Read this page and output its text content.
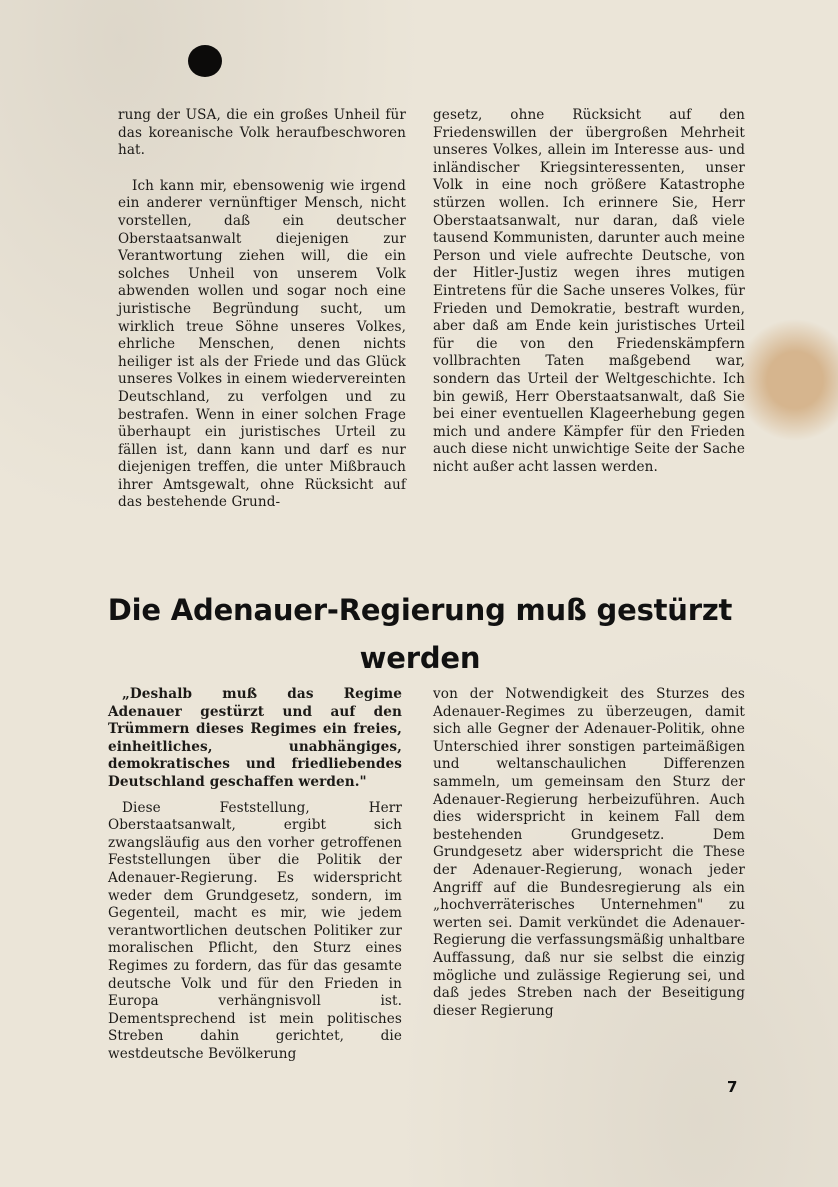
rung der USA, die ein großes Unheil für das koreanische Volk heraufbeschworen hat.

Ich kann mir, ebensowenig wie irgend ein anderer vernünftiger Mensch, nicht vorstellen, daß ein deutscher Oberstaatsanwalt diejenigen zur Verantwortung ziehen will, die ein solches Unheil von unserem Volk abwenden wollen und sogar noch eine juristische Begründung sucht, um wirklich treue Söhne unseres Volkes, ehrliche Menschen, denen nichts heiliger ist als der Friede und das Glück unseres Volkes in einem wiedervereinten Deutschland, zu verfolgen und zu bestrafen. Wenn in einer solchen Frage überhaupt ein juristisches Urteil zu fällen ist, dann kann und darf es nur diejenigen treffen, die unter Mißbrauch ihrer Amtsgewalt, ohne Rücksicht auf das bestehende Grund-

gesetz, ohne Rücksicht auf den Friedenswillen der übergroßen Mehrheit unseres Volkes, allein im Interesse aus- und inländischer Kriegsinteressenten, unser Volk in eine noch größere Katastrophe stürzen wollen. Ich erinnere Sie, Herr Oberstaatsanwalt, nur daran, daß viele tausend Kommunisten, darunter auch meine Person und viele aufrechte Deutsche, von der Hitler-Justiz wegen ihres mutigen Eintretens für die Sache unseres Volkes, für Frieden und Demokratie, bestraft wurden, aber daß am Ende kein juristisches Urteil für die von den Friedenskämpfern vollbrachten Taten maßgebend war, sondern das Urteil der Weltgeschichte. Ich bin gewiß, Herr Oberstaatsanwalt, daß Sie bei einer eventuellen Klageerhebung gegen mich und andere Kämpfer für den Frieden auch diese nicht unwichtige Seite der Sache nicht außer acht lassen werden.

Die Adenauer-Regierung muß gestürzt
werden

„Deshalb muß das Regime Adenauer gestürzt und auf den Trümmern dieses Regimes ein freies, einheitliches, unabhängiges, demokratisches und friedliebendes Deutschland geschaffen werden."

Diese Feststellung, Herr Oberstaatsanwalt, ergibt sich zwangsläufig aus den vorher getroffenen Feststellungen über die Politik der Adenauer-Regierung. Es widerspricht weder dem Grundgesetz, sondern, im Gegenteil, macht es mir, wie jedem verantwortlichen deutschen Politiker zur moralischen Pflicht, den Sturz eines Regimes zu fordern, das für das gesamte deutsche Volk und für den Frieden in Europa verhängnisvoll ist. Dementsprechend ist mein politisches Streben dahin gerichtet, die westdeutsche Bevölkerung

von der Notwendigkeit des Sturzes des Adenauer-Regimes zu überzeugen, damit sich alle Gegner der Adenauer-Politik, ohne Unterschied ihrer sonstigen parteimäßigen und weltanschaulichen Differenzen sammeln, um gemeinsam den Sturz der Adenauer-Regierung herbeizuführen. Auch dies widerspricht in keinem Fall dem bestehenden Grundgesetz. Dem Grundgesetz aber widerspricht die These der Adenauer-Regierung, wonach jeder Angriff auf die Bundesregierung als ein „hochverräterisches Unternehmen" zu werten sei. Damit verkündet die Adenauer-Regierung die verfassungsmäßig unhaltbare Auffassung, daß nur sie selbst die einzig mögliche und zulässige Regierung sei, und daß jedes Streben nach der Beseitigung dieser Regierung

7
